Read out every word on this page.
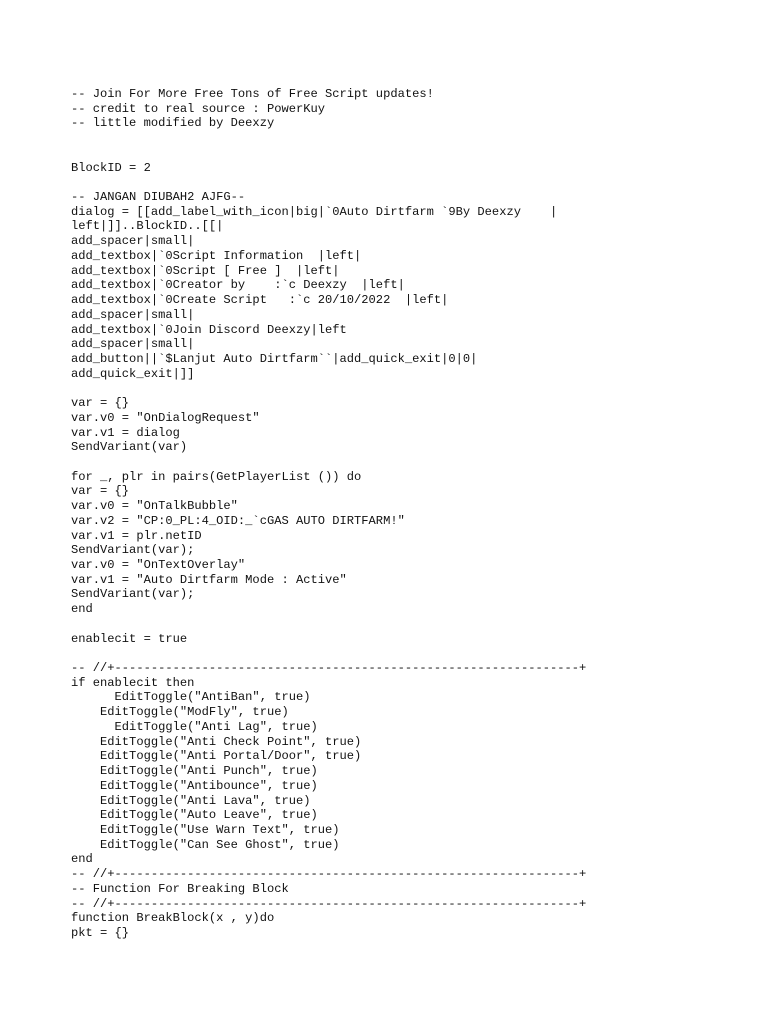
-- Join For More Free Tons of Free Script updates!
-- credit to real source : PowerKuy
-- little modified by Deexzy
BlockID = 2
-- JANGAN DIUBAH2 AJFG--
dialog = [[add_label_with_icon|big|`0Auto Dirtfarm `9By Deexzy    |
left|]]..BlockID..[[|
add_spacer|small|
add_textbox|`0Script Information  |left|
add_textbox|`0Script [ Free ]  |left|
add_textbox|`0Creator by    :`c Deexzy  |left|
add_textbox|`0Create Script   :`c 20/10/2022  |left|
add_spacer|small|
add_textbox|`0Join Discord Deexzy|left
add_spacer|small|
add_button||`$Lanjut Auto Dirtfarm``|add_quick_exit|0|0|
add_quick_exit|]]
var = {}
var.v0 = "OnDialogRequest"
var.v1 = dialog
SendVariant(var)
for _, plr in pairs(GetPlayerList ()) do
var = {}
var.v0 = "OnTalkBubble"
var.v2 = "CP:0_PL:4_OID:_`cGAS AUTO DIRTFARM!"
var.v1 = plr.netID
SendVariant(var);
var.v0 = "OnTextOverlay"
var.v1 = "Auto Dirtfarm Mode : Active"
SendVariant(var);
end
enablecit = true
-- //+----------------------------------------------------------------+
if enablecit then
EditToggle("AntiBan", true)
EditToggle("ModFly", true)
EditToggle("Anti Lag", true)
EditToggle("Anti Check Point", true)
EditToggle("Anti Portal/Door", true)
EditToggle("Anti Punch", true)
EditToggle("Antibounce", true)
EditToggle("Anti Lava", true)
EditToggle("Auto Leave", true)
EditToggle("Use Warn Text", true)
EditToggle("Can See Ghost", true)
end
-- //+----------------------------------------------------------------+
-- Function For Breaking Block
-- //+----------------------------------------------------------------+
function BreakBlock(x , y)do
pkt = {}
